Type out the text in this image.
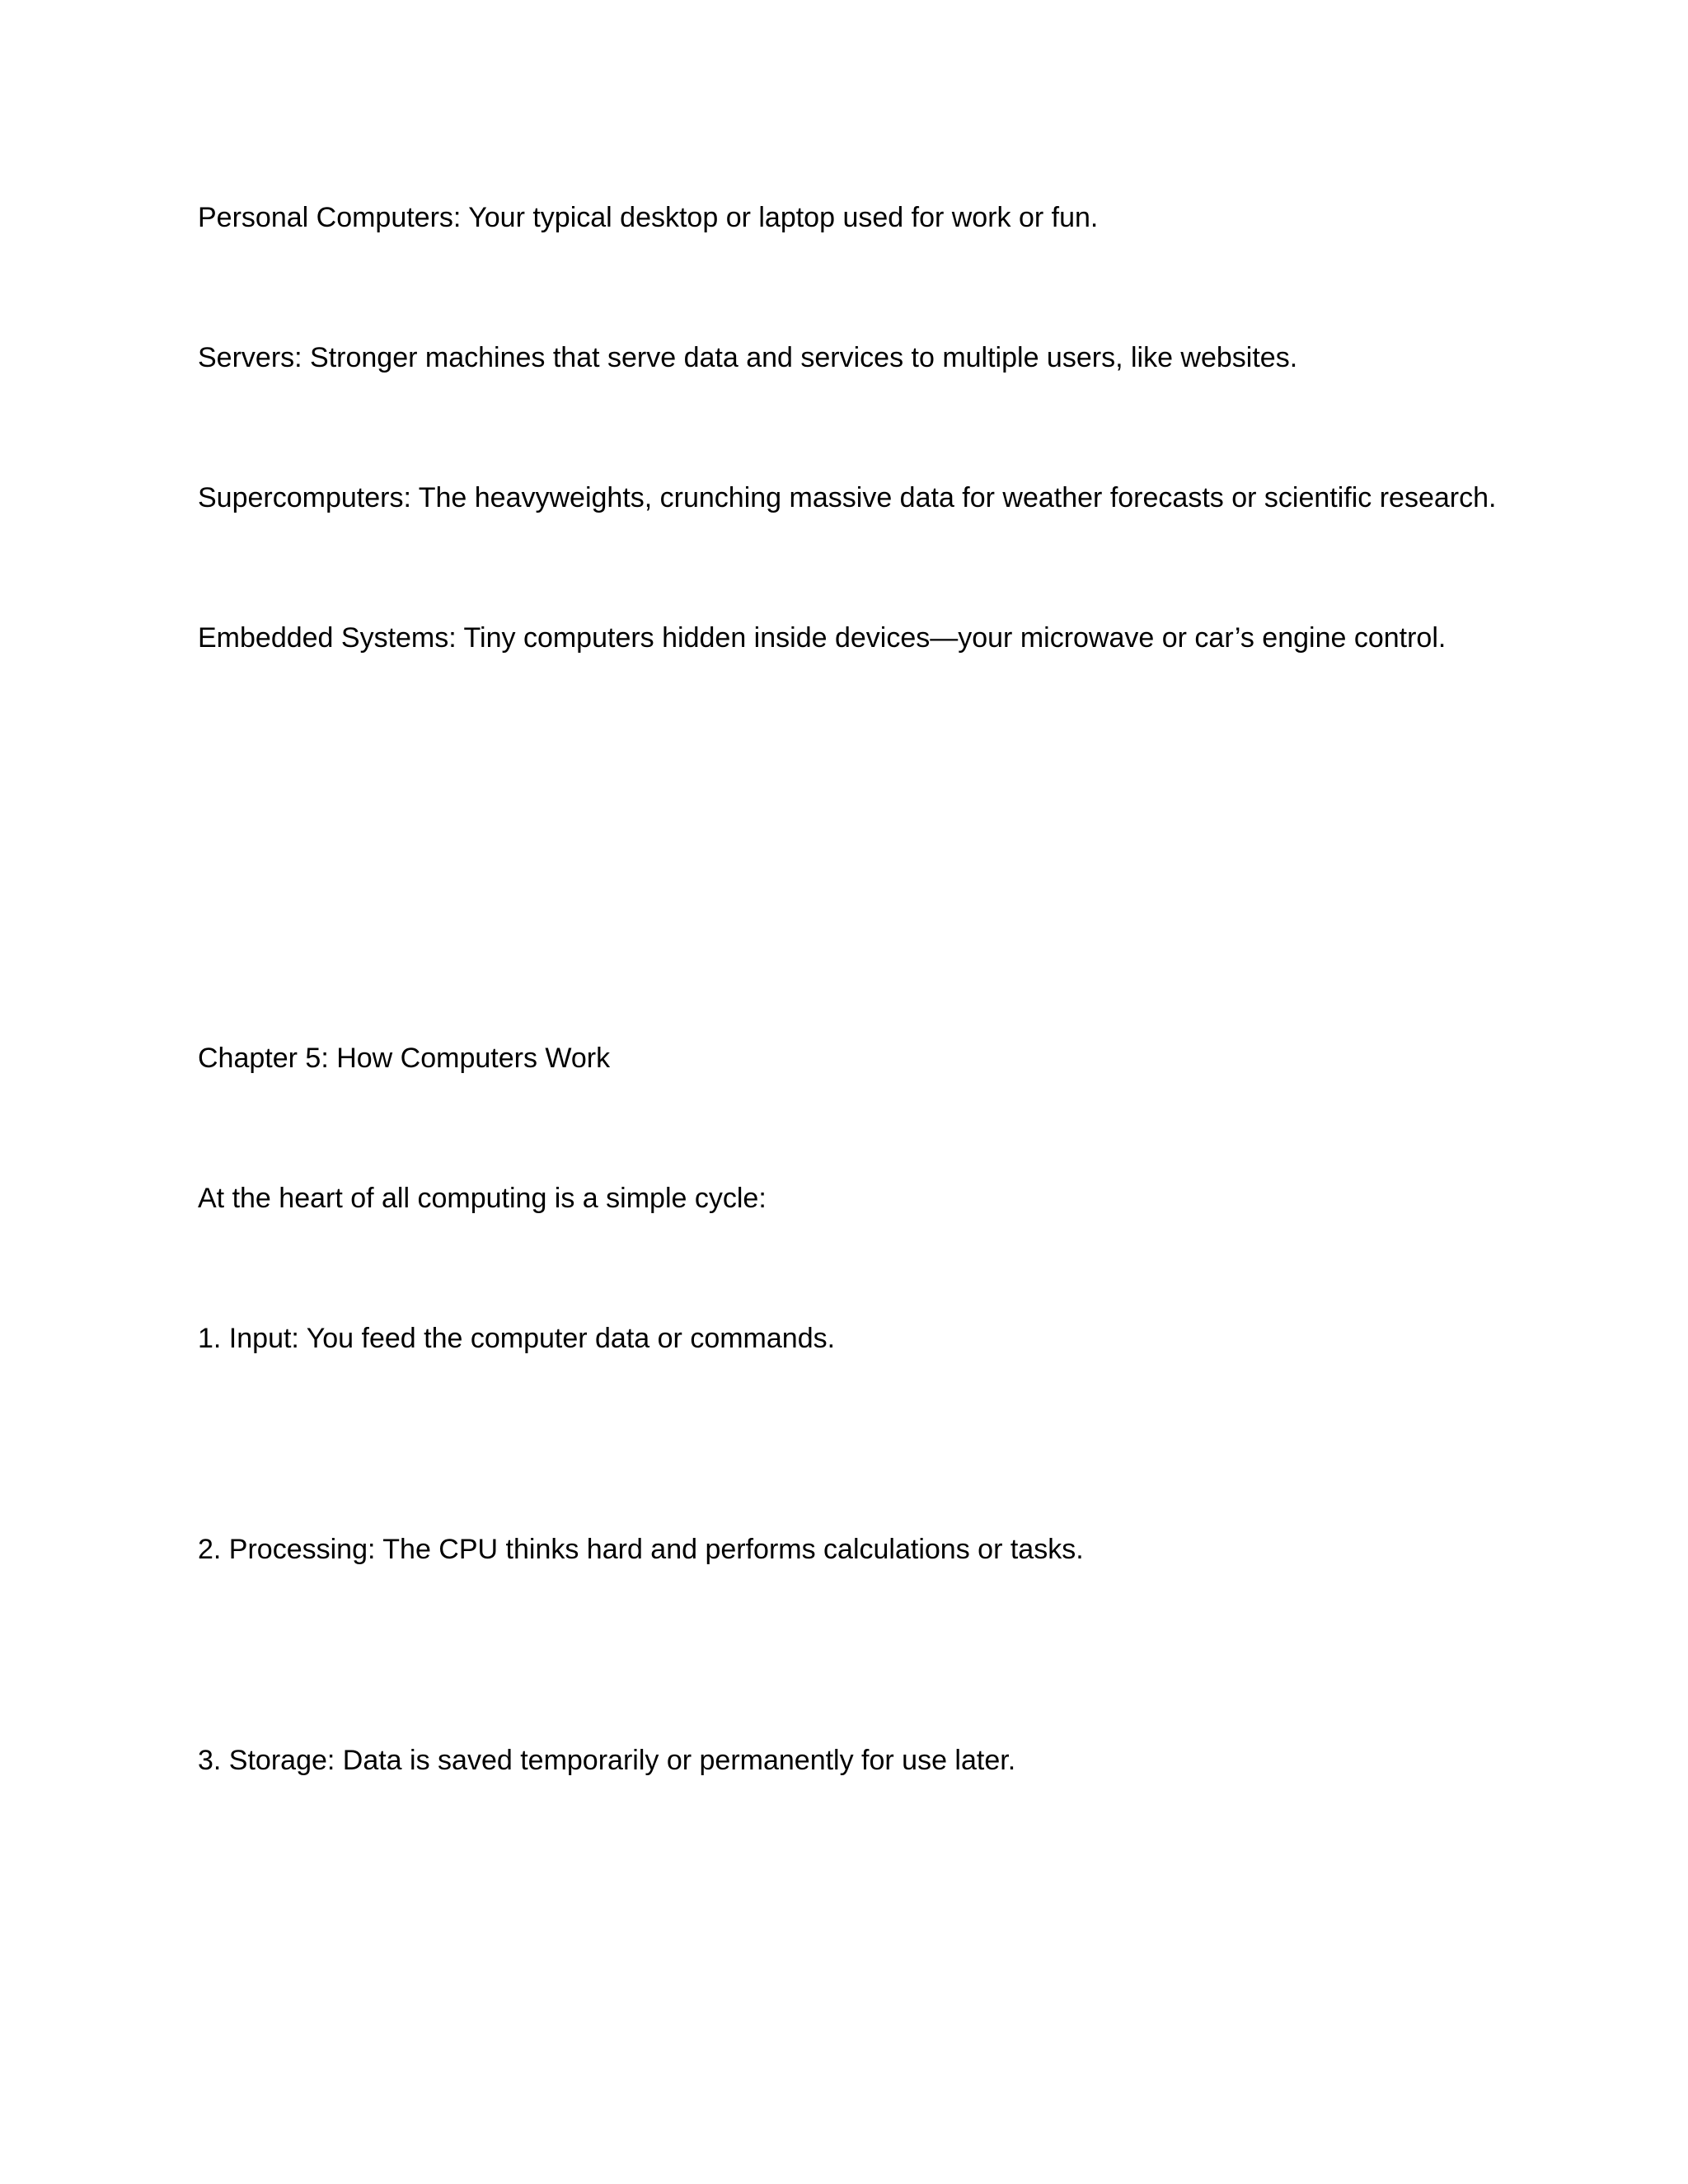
Personal Computers: Your typical desktop or laptop used for work or fun.

Servers: Stronger machines that serve data and services to multiple users, like websites.

Supercomputers: The heavyweights, crunching massive data for weather forecasts or scientific research.

Embedded Systems: Tiny computers hidden inside devices—your microwave or car’s engine control.

Chapter 5: How Computers Work

At the heart of all computing is a simple cycle:

1. Input: You feed the computer data or commands.

2. Processing: The CPU thinks hard and performs calculations or tasks.

3. Storage: Data is saved temporarily or permanently for use later.
